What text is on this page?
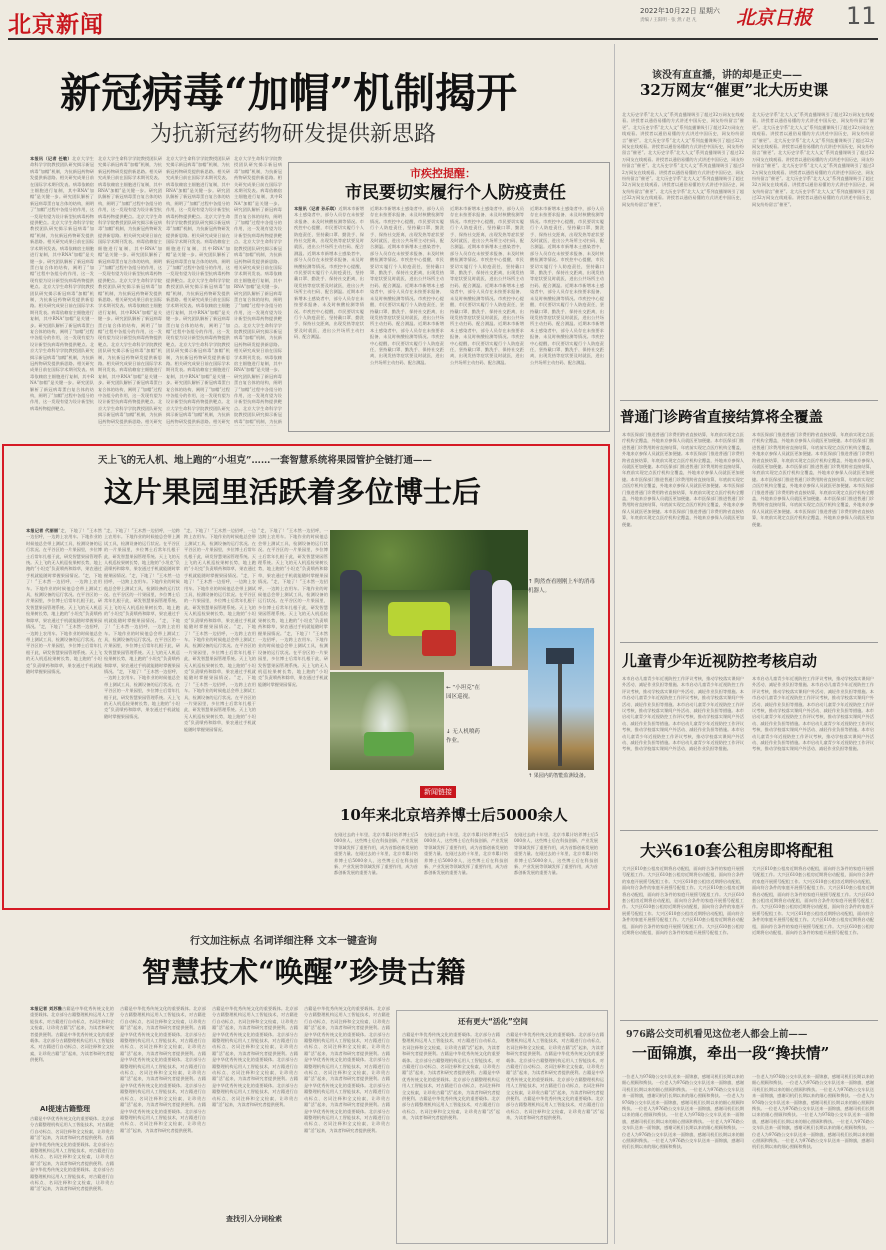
北京新闻
2022年10月22日 星期六
责编 / 王阳明 · 张 然 / 赵 凡 北京日报 11
新冠病毒“加帽”机制揭开
为抗新冠药物研发提供新思路
本报讯（记者 任敏）北京大学生命科学学院教授团队研究揭示新冠病毒“加帽”机制，为抗新冠药物研发提供新思路。相关研究成果日前在国际学术期刊发表。病毒依赖宿主细胞进行复制，其中RNA“加帽”是关键一步。研究团队解析了新冠病毒蛋白复合体的结构，阐明了“加帽”过程中各组分的作用，这一发现有望为设计新型抗病毒药物提供靶点。北京大学生命科学学院教授团队研究揭示新冠病毒“加帽”机制，为抗新冠药物研发提供新思路。相关研究成果日前在国际学术期刊发表。病毒依赖宿主细胞进行复制，其中RNA“加帽”是关键一步。研究团队解析了新冠病毒蛋白复合体的结构，阐明了“加帽”过程中各组分的作用，这一发现有望为设计新型抗病毒药物提供靶点。北京大学生命科学学院教授团队研究揭示新冠病毒“加帽”机制，为抗新冠药物研发提供新思路。相关研究成果日前在国际学术期刊发表。病毒依赖宿主细胞进行复制，其中RNA“加帽”是关键一步。研究团队解析了新冠病毒蛋白复合体的结构，阐明了“加帽”过程中各组分的作用，这一发现有望为设计新型抗病毒药物提供靶点。北京大学生命科学学院教授团队研究揭示新冠病毒“加帽”机制，为抗新冠药物研发提供新思路。相关研究成果日前在国际学术期刊发表。病毒依赖宿主细胞进行复制，其中RNA“加帽”是关键一步。研究团队解析了新冠病毒蛋白复合体的结构，阐明了“加帽”过程中各组分的作用，这一发现有望为设计新型抗病毒药物提供靶点。
北京大学生命科学学院教授团队研究揭示新冠病毒“加帽”机制，为抗新冠药物研发提供新思路。相关研究成果日前在国际学术期刊发表。病毒依赖宿主细胞进行复制，其中RNA“加帽”是关键一步。研究团队解析了新冠病毒蛋白复合体的结构，阐明了“加帽”过程中各组分的作用，这一发现有望为设计新型抗病毒药物提供靶点。北京大学生命科学学院教授团队研究揭示新冠病毒“加帽”机制，为抗新冠药物研发提供新思路。相关研究成果日前在国际学术期刊发表。病毒依赖宿主细胞进行复制，其中RNA“加帽”是关键一步。研究团队解析了新冠病毒蛋白复合体的结构，阐明了“加帽”过程中各组分的作用，这一发现有望为设计新型抗病毒药物提供靶点。北京大学生命科学学院教授团队研究揭示新冠病毒“加帽”机制，为抗新冠药物研发提供新思路。相关研究成果日前在国际学术期刊发表。病毒依赖宿主细胞进行复制，其中RNA“加帽”是关键一步。研究团队解析了新冠病毒蛋白复合体的结构，阐明了“加帽”过程中各组分的作用，这一发现有望为设计新型抗病毒药物提供靶点。北京大学生命科学学院教授团队研究揭示新冠病毒“加帽”机制，为抗新冠药物研发提供新思路。相关研究成果日前在国际学术期刊发表。病毒依赖宿主细胞进行复制，其中RNA“加帽”是关键一步。研究团队解析了新冠病毒蛋白复合体的结构，阐明了“加帽”过程中各组分的作用，这一发现有望为设计新型抗病毒药物提供靶点。北京大学生命科学学院教授团队研究揭示新冠病毒“加帽”机制，为抗新冠药物研发提供新思路。相关研究
北京大学生命科学学院教授团队研究揭示新冠病毒“加帽”机制，为抗新冠药物研发提供新思路。相关研究成果日前在国际学术期刊发表。病毒依赖宿主细胞进行复制，其中RNA“加帽”是关键一步。研究团队解析了新冠病毒蛋白复合体的结构，阐明了“加帽”过程中各组分的作用，这一发现有望为设计新型抗病毒药物提供靶点。北京大学生命科学学院教授团队研究揭示新冠病毒“加帽”机制，为抗新冠药物研发提供新思路。相关研究成果日前在国际学术期刊发表。病毒依赖宿主细胞进行复制，其中RNA“加帽”是关键一步。研究团队解析了新冠病毒蛋白复合体的结构，阐明了“加帽”过程中各组分的作用，这一发现有望为设计新型抗病毒药物提供靶点。北京大学生命科学学院教授团队研究揭示新冠病毒“加帽”机制，为抗新冠药物研发提供新思路。相关研究成果日前在国际学术期刊发表。病毒依赖宿主细胞进行复制，其中RNA“加帽”是关键一步。研究团队解析了新冠病毒蛋白复合体的结构，阐明了“加帽”过程中各组分的作用，这一发现有望为设计新型抗病毒药物提供靶点。北京大学生命科学学院教授团队研究揭示新冠病毒“加帽”机制，为抗新冠药物研发提供新思路。相关研究成果日前在国际学术期刊发表。病毒依赖宿主细胞进行复制，其中RNA“加帽”是关键一步。研究团队解析了新冠病毒蛋白复合体的结构，阐明了“加帽”过程中各组分的作用，这一发现有望为设计新型抗病毒药物提供靶点。北京大学生命科学学院教授团队研究揭示新冠病毒“加帽”机制，为抗新冠药物研发提供新思路。相关研究
北京大学生命科学学院教授团队研究揭示新冠病毒“加帽”机制，为抗新冠药物研发提供新思路。相关研究成果日前在国际学术期刊发表。病毒依赖宿主细胞进行复制，其中RNA“加帽”是关键一步。研究团队解析了新冠病毒蛋白复合体的结构，阐明了“加帽”过程中各组分的作用，这一发现有望为设计新型抗病毒药物提供靶点。北京大学生命科学学院教授团队研究揭示新冠病毒“加帽”机制，为抗新冠药物研发提供新思路。相关研究成果日前在国际学术期刊发表。病毒依赖宿主细胞进行复制，其中RNA“加帽”是关键一步。研究团队解析了新冠病毒蛋白复合体的结构，阐明了“加帽”过程中各组分的作用，这一发现有望为设计新型抗病毒药物提供靶点。北京大学生命科学学院教授团队研究揭示新冠病毒“加帽”机制，为抗新冠药物研发提供新思路。相关研究成果日前在国际学术期刊发表。病毒依赖宿主细胞进行复制，其中RNA“加帽”是关键一步。研究团队解析了新冠病毒蛋白复合体的结构，阐明了“加帽”过程中各组分的作用，这一发现有望为设计新型抗病毒药物提供靶点。北京大学生命科学学院教授团队研究揭示新冠病毒“加帽”机制，为抗新
市疾控提醒：
市民要切实履行个人防疫责任
本报讯（记者 孙乐琪）近期本市新增本土感染者中，部分人员存在未按要求报备、未及时核酸检测等情况。市疾控中心提醒，市民要切实履行个人防疫责任，坚持戴口罩、勤洗手、保持社交距离，出现发热等症状要及时就医，进出公共场所主动扫码、配合测温。近期本市新增本土感染者中，部分人员存在未按要求报备、未及时核酸检测等情况。市疾控中心提醒，市民要切实履行个人防疫责任，坚持戴口罩、勤洗手、保持社交距离，出现发热等症状要及时就医，进出公共场所主动扫码、配合测温。近期本市新增本土感染者中，部分人员存在未按要求报备、未及时核酸检测等情况。市疾控中心提醒，市民要切实履行个人防疫责任，坚持戴口罩、勤洗手、保持社交距离，出现发热等症状要及时就医，进出公共场所主动扫码、配合测温。
近期本市新增本土感染者中，部分人员存在未按要求报备、未及时核酸检测等情况。市疾控中心提醒，市民要切实履行个人防疫责任，坚持戴口罩、勤洗手、保持社交距离，出现发热等症状要及时就医，进出公共场所主动扫码、配合测温。近期本市新增本土感染者中，部分人员存在未按要求报备、未及时核酸检测等情况。市疾控中心提醒，市民要切实履行个人防疫责任，坚持戴口罩、勤洗手、保持社交距离，出现发热等症状要及时就医，进出公共场所主动扫码、配合测温。近期本市新增本土感染者中，部分人员存在未按要求报备、未及时核酸检测等情况。市疾控中心提醒，市民要切实履行个人防疫责任，坚持戴口罩、勤洗手、保持社交距离，出现发热等症状要及时就医，进出公共场所主动扫码、配合测温。近期本市新增本土感染者中，部分人员存在未按要求报备、未及时核酸检测等情况。市疾控中心提醒，市民要切实履行个人防疫责任，坚持戴口罩、勤洗手、保持社交距离，出现发热等症状要及时就医，进出公共场所主动扫码、配合测温。
近期本市新增本土感染者中，部分人员存在未按要求报备、未及时核酸检测等情况。市疾控中心提醒，市民要切实履行个人防疫责任，坚持戴口罩、勤洗手、保持社交距离，出现发热等症状要及时就医，进出公共场所主动扫码、配合测温。近期本市新增本土感染者中，部分人员存在未按要求报备、未及时核酸检测等情况。市疾控中心提醒，市民要切实履行个人防疫责任，坚持戴口罩、勤洗手、保持社交距离，出现发热等症状要及时就医，进出公共场所主动扫码、配合测温。近期本市新增本土感染者中，部分人员存在未按要求报备、未及时核酸检测等情况。市疾控中心提醒，市民要切实履行个人防疫责任，坚持戴口罩、勤洗手、保持社交距离，出现发热等症状要及时就医，进出公共场所主动扫码、配合测温。近期本市新增本土感染者中，部分人员存在未按要求报备、未及时核酸检测等情况。市疾控中心提醒，市民要切实履行个人防疫责任，坚持戴口罩、勤洗手、保持社交距离，出现发热等症状要及时就医，进出公共场所主动扫码、配合测温。
近期本市新增本土感染者中，部分人员存在未按要求报备、未及时核酸检测等情况。市疾控中心提醒，市民要切实履行个人防疫责任，坚持戴口罩、勤洗手、保持社交距离，出现发热等症状要及时就医，进出公共场所主动扫码、配合测温。近期本市新增本土感染者中，部分人员存在未按要求报备、未及时核酸检测等情况。市疾控中心提醒，市民要切实履行个人防疫责任，坚持戴口罩、勤洗手、保持社交距离，出现发热等症状要及时就医，进出公共场所主动扫码、配合测温。近期本市新增本土感染者中，部分人员存在未按要求报备、未及时核酸检测等情况。市疾控中心提醒，市民要切实履行个人防疫责任，坚持戴口罩、勤洗手、保持社交距离，出现发热等症状要及时就医，进出公共场所主动扫码、配合测温。近期本市新增本土感染者中，部分人员存在未按要求报备、未及时核酸检测等情况。市疾控中心提醒，市民要切实履行个人防疫责任，坚持戴口罩、勤洗手、保持社交距离，出现发热等症状要及时就医，进出公共场所主动扫码、配合测温。
该没有直直播，讲的却是正史——
32万网友“催更”北大历史课
北大历史学系“北大人文”系列直播课吸引了超过32万网友在线观看。讲授者以通俗易懂的方式讲述中国历史，网友纷纷留言“催更”。北大历史学系“北大人文”系列直播课吸引了超过32万网友在线观看。讲授者以通俗易懂的方式讲述中国历史，网友纷纷留言“催更”。北大历史学系“北大人文”系列直播课吸引了超过32万网友在线观看。讲授者以通俗易懂的方式讲述中国历史，网友纷纷留言“催更”。北大历史学系“北大人文”系列直播课吸引了超过32万网友在线观看。讲授者以通俗易懂的方式讲述中国历史，网友纷纷留言“催更”。北大历史学系“北大人文”系列直播课吸引了超过32万网友在线观看。讲授者以通俗易懂的方式讲述中国历史，网友纷纷留言“催更”。北大历史学系“北大人文”系列直播课吸引了超过32万网友在线观看。讲授者以通俗易懂的方式讲述中国历史，网友纷纷留言“催更”。北大历史学系“北大人文”系列直播课吸引了超过32万网友在线观看。讲授者以通俗易懂的方式讲述中国历史，网友纷纷留言“催更”。
北大历史学系“北大人文”系列直播课吸引了超过32万网友在线观看。讲授者以通俗易懂的方式讲述中国历史，网友纷纷留言“催更”。北大历史学系“北大人文”系列直播课吸引了超过32万网友在线观看。讲授者以通俗易懂的方式讲述中国历史，网友纷纷留言“催更”。北大历史学系“北大人文”系列直播课吸引了超过32万网友在线观看。讲授者以通俗易懂的方式讲述中国历史，网友纷纷留言“催更”。北大历史学系“北大人文”系列直播课吸引了超过32万网友在线观看。讲授者以通俗易懂的方式讲述中国历史，网友纷纷留言“催更”。北大历史学系“北大人文”系列直播课吸引了超过32万网友在线观看。讲授者以通俗易懂的方式讲述中国历史，网友纷纷留言“催更”。北大历史学系“北大人文”系列直播课吸引了超过32万网友在线观看。讲授者以通俗易懂的方式讲述中国历史，网友纷纷留言“催更”。北大历史学系“北大人文”系列直播课吸引了超过32万网友在线观看。讲授者以通俗易懂的方式讲述中国历史，网友纷纷留言“催更”。
普通门诊跨省直接结算将全覆盖
本市医保部门推进普通门诊费用跨省直接结算，年底前实现定点医疗机构全覆盖，外地来京参保人员就医更加便捷。本市医保部门推进普通门诊费用跨省直接结算，年底前实现定点医疗机构全覆盖，外地来京参保人员就医更加便捷。本市医保部门推进普通门诊费用跨省直接结算，年底前实现定点医疗机构全覆盖，外地来京参保人员就医更加便捷。本市医保部门推进普通门诊费用跨省直接结算，年底前实现定点医疗机构全覆盖，外地来京参保人员就医更加便捷。本市医保部门推进普通门诊费用跨省直接结算，年底前实现定点医疗机构全覆盖，外地来京参保人员就医更加便捷。本市医保部门推进普通门诊费用跨省直接结算，年底前实现定点医疗机构全覆盖，外地来京参保人员就医更加便捷。本市医保部门推进普通门诊费用跨省直接结算，年底前实现定点医疗机构全覆盖，外地来京参保人员就医更加便捷。本市医保部门推进普通门诊费用跨省直接结算，年底前实现定点医疗机构全覆盖，外地来京参保人员就医更加便捷。
本市医保部门推进普通门诊费用跨省直接结算，年底前实现定点医疗机构全覆盖，外地来京参保人员就医更加便捷。本市医保部门推进普通门诊费用跨省直接结算，年底前实现定点医疗机构全覆盖，外地来京参保人员就医更加便捷。本市医保部门推进普通门诊费用跨省直接结算，年底前实现定点医疗机构全覆盖，外地来京参保人员就医更加便捷。本市医保部门推进普通门诊费用跨省直接结算，年底前实现定点医疗机构全覆盖，外地来京参保人员就医更加便捷。本市医保部门推进普通门诊费用跨省直接结算，年底前实现定点医疗机构全覆盖，外地来京参保人员就医更加便捷。本市医保部门推进普通门诊费用跨省直接结算，年底前实现定点医疗机构全覆盖，外地来京参保人员就医更加便捷。本市医保部门推进普通门诊费用跨省直接结算，年底前实现定点医疗机构全覆盖，外地来京参保人员就医更加便捷。本市医保部门推进普通门诊费用跨省直接结算，年底前实现定点医疗机构全覆盖，外地来京参保人员就医更加便捷。
儿童青少年近视防控考核启动
本市启动儿童青少年近视防控工作评议考核，推动学校落实课间户外活动、减轻作业负担等措施。本市启动儿童青少年近视防控工作评议考核，推动学校落实课间户外活动、减轻作业负担等措施。本市启动儿童青少年近视防控工作评议考核，推动学校落实课间户外活动、减轻作业负担等措施。本市启动儿童青少年近视防控工作评议考核，推动学校落实课间户外活动、减轻作业负担等措施。本市启动儿童青少年近视防控工作评议考核，推动学校落实课间户外活动、减轻作业负担等措施。本市启动儿童青少年近视防控工作评议考核，推动学校落实课间户外活动、减轻作业负担等措施。本市启动儿童青少年近视防控工作评议考核，推动学校落实课间户外活动、减轻作业负担等措施。本市启动儿童青少年近视防控工作评议考核，推动学校落实课间户外活动、减轻作业负担等措施。
本市启动儿童青少年近视防控工作评议考核，推动学校落实课间户外活动、减轻作业负担等措施。本市启动儿童青少年近视防控工作评议考核，推动学校落实课间户外活动、减轻作业负担等措施。本市启动儿童青少年近视防控工作评议考核，推动学校落实课间户外活动、减轻作业负担等措施。本市启动儿童青少年近视防控工作评议考核，推动学校落实课间户外活动、减轻作业负担等措施。本市启动儿童青少年近视防控工作评议考核，推动学校落实课间户外活动、减轻作业负担等措施。本市启动儿童青少年近视防控工作评议考核，推动学校落实课间户外活动、减轻作业负担等措施。本市启动儿童青少年近视防控工作评议考核，推动学校落实课间户外活动、减轻作业负担等措施。本市启动儿童青少年近视防控工作评议考核，推动学校落实课间户外活动、减轻作业负担等措施。
大兴610套公租房即将配租
大兴区610套公租房近期将启动配租，面向符合条件的家庭开展摇号配租工作。大兴区610套公租房近期将启动配租，面向符合条件的家庭开展摇号配租工作。大兴区610套公租房近期将启动配租，面向符合条件的家庭开展摇号配租工作。大兴区610套公租房近期将启动配租，面向符合条件的家庭开展摇号配租工作。大兴区610套公租房近期将启动配租，面向符合条件的家庭开展摇号配租工作。大兴区610套公租房近期将启动配租，面向符合条件的家庭开展摇号配租工作。大兴区610套公租房近期将启动配租，面向符合条件的家庭开展摇号配租工作。大兴区610套公租房近期将启动配租，面向符合条件的家庭开展摇号配租工作。大兴区610套公租房近期将启动配租，面向符合条件的家庭开展摇号配租工作。
大兴区610套公租房近期将启动配租，面向符合条件的家庭开展摇号配租工作。大兴区610套公租房近期将启动配租，面向符合条件的家庭开展摇号配租工作。大兴区610套公租房近期将启动配租，面向符合条件的家庭开展摇号配租工作。大兴区610套公租房近期将启动配租，面向符合条件的家庭开展摇号配租工作。大兴区610套公租房近期将启动配租，面向符合条件的家庭开展摇号配租工作。大兴区610套公租房近期将启动配租，面向符合条件的家庭开展摇号配租工作。大兴区610套公租房近期将启动配租，面向符合条件的家庭开展摇号配租工作。大兴区610套公租房近期将启动配租，面向符合条件的家庭开展摇号配租工作。大兴区610套公租房近期将启动配租，面向符合条件的家庭开展摇号配租工作。
976路公交司机看见这位老人都会上前——
一面锦旗，牵出一段“搀扶情”
一位老人为976路公交车队送来一面锦旗，感谢司机们长期以来的细心照顾和搀扶。一位老人为976路公交车队送来一面锦旗，感谢司机们长期以来的细心照顾和搀扶。一位老人为976路公交车队送来一面锦旗，感谢司机们长期以来的细心照顾和搀扶。一位老人为976路公交车队送来一面锦旗，感谢司机们长期以来的细心照顾和搀扶。一位老人为976路公交车队送来一面锦旗，感谢司机们长期以来的细心照顾和搀扶。一位老人为976路公交车队送来一面锦旗，感谢司机们长期以来的细心照顾和搀扶。一位老人为976路公交车队送来一面锦旗，感谢司机们长期以来的细心照顾和搀扶。一位老人为976路公交车队送来一面锦旗，感谢司机们长期以来的细心照顾和搀扶。一位老人为976路公交车队送来一面锦旗，感谢司机们长期以来的细心照顾和搀扶。
一位老人为976路公交车队送来一面锦旗，感谢司机们长期以来的细心照顾和搀扶。一位老人为976路公交车队送来一面锦旗，感谢司机们长期以来的细心照顾和搀扶。一位老人为976路公交车队送来一面锦旗，感谢司机们长期以来的细心照顾和搀扶。一位老人为976路公交车队送来一面锦旗，感谢司机们长期以来的细心照顾和搀扶。一位老人为976路公交车队送来一面锦旗，感谢司机们长期以来的细心照顾和搀扶。一位老人为976路公交车队送来一面锦旗，感谢司机们长期以来的细心照顾和搀扶。一位老人为976路公交车队送来一面锦旗，感谢司机们长期以来的细心照顾和搀扶。一位老人为976路公交车队送来一面锦旗，感谢司机们长期以来的细心照顾和搀扶。一位老人为976路公交车队送来一面锦旗，感谢司机们长期以来的细心照顾和搀扶。
天上飞的无人机、地上跑的“小坦克”……一套智慧系统将果园管护全链打通——
这片果园里活跃着多位博士后
本报记者 代丽丽“走，下地了！”王木然一边招呼，一边跨上农用车。下地作业的时候他总会带上测试工具，检测设备的运行状况。在平谷区的一片果园里，多位博士后常年扎根于此，研发智慧果园管理系统。天上飞的无人机巡检果树长势，地上跑的“小坦克”负责喷药和除草，果农通过手机就能随时掌握果园情况。“走，下地了！”王木然一边招呼，一边跨上农用车。下地作业的时候他总会带上测试工具，检测设备的运行状况。在平谷区的一片果园里，多位博士后常年扎根于此，研发智慧果园管理系统。天上飞的无人机巡检果树长势，地上跑的“小坦克”负责喷药和除草，果农通过手机就能随时掌握果园情况。“走，下地了！”王木然一边招呼，一边跨上农用车。下地作业的时候他总会带上测试工具，检测设备的运行状况。在平谷区的一片果园里，多位博士后常年扎根于此，研发智慧果园管理系统。天上飞的无人机巡检果树长势，地上跑的“小坦克”负责喷药和除草，果农通过手机就能随时掌握果园情况。
“走，下地了！”王木然一边招呼，一边跨上农用车。下地作业的时候他总会带上测试工具，检测设备的运行状况。在平谷区的一片果园里，多位博士后常年扎根于此，研发智慧果园管理系统。天上飞的无人机巡检果树长势，地上跑的“小坦克”负责喷药和除草，果农通过手机就能随时掌握果园情况。“走，下地了！”王木然一边招呼，一边跨上农用车。下地作业的时候他总会带上测试工具，检测设备的运行状况。在平谷区的一片果园里，多位博士后常年扎根于此，研发智慧果园管理系统。天上飞的无人机巡检果树长势，地上跑的“小坦克”负责喷药和除草，果农通过手机就能随时掌握果园情况。“走，下地了！”王木然一边招呼，一边跨上农用车。下地作业的时候他总会带上测试工具，检测设备的运行状况。在平谷区的一片果园里，多位博士后常年扎根于此，研发智慧果园管理系统。天上飞的无人机巡检果树长势，地上跑的“小坦克”负责喷药和除草，果农通过手机就能随时掌握果园情况。“走，下地了！”王木然一边招呼，一边跨上农用车。下地作业的时候他总会带上测试工具，检测设备的运行状况。在平谷区的一片果园里，多位博士后常年扎根于此，研发智慧果园管理系统。天上飞的无人机巡检果树长势，地上跑的“小坦克”负责喷药和除草，果农通过手机就能随时掌握果园情况。
“走，下地了！”王木然一边招呼，一边跨上农用车。下地作业的时候他总会带上测试工具，检测设备的运行状况。在平谷区的一片果园里，多位博士后常年扎根于此，研发智慧果园管理系统。天上飞的无人机巡检果树长势，地上跑的“小坦克”负责喷药和除草，果农通过手机就能随时掌握果园情况。“走，下地了！”王木然一边招呼，一边跨上农用车。下地作业的时候他总会带上测试工具，检测设备的运行状况。在平谷区的一片果园里，多位博士后常年扎根于此，研发智慧果园管理系统。天上飞的无人机巡检果树长势，地上跑的“小坦克”负责喷药和除草，果农通过手机就能随时掌握果园情况。“走，下地了！”王木然一边招呼，一边跨上农用车。下地作业的时候他总会带上测试工具，检测设备的运行状况。在平谷区的一片果园里，多位博士后常年扎根于此，研发智慧果园管理系统。天上飞的无人机巡检果树长势，地上跑的“小坦克”负责喷药和除草，果农通过手机就能随时掌握果园情况。“走，下地了！”王木然一边招呼，一边跨上农用车。下地作业的时候他总会带上测试工具，检测设备的运行状况。在平谷区的一片果园里，多位博士后常年扎根于此，研发智慧果园管理系统。天上飞的无人机巡检果树长势，地上跑的“小坦克”负责喷药和除草，果农通过手机就能随时掌握果园情况。
“走，下地了！”王木然一边招呼，一边跨上农用车。下地作业的时候他总会带上测试工具，检测设备的运行状况。在平谷区的一片果园里，多位博士后常年扎根于此，研发智慧果园管理系统。天上飞的无人机巡检果树长势，地上跑的“小坦克”负责喷药和除草，果农通过手机就能随时掌握果园情况。“走，下地了！”王木然一边招呼，一边跨上农用车。下地作业的时候他总会带上测试工具，检测设备的运行状况。在平谷区的一片果园里，多位博士后常年扎根于此，研发智慧果园管理系统。天上飞的无人机巡检果树长势，地上跑的“小坦克”负责喷药和除草，果农通过手机就能随时掌握果园情况。“走，下地了！”王木然一边招呼，一边跨上农用车。下地作业的时候他总会带上测试工具，检测设备的运行状况。在平谷区的一片果园里，多位博士后常年扎根于此，研发智慧果园管理系统。天上飞的无人机巡检果树长势，地上跑的“小坦克”负责喷药和除草，果农通过手机就能随时掌握果园情况。
↑ 陶然查看刚刚上车的消毒机器人。
← “小坦克”在园区巡视。
↓ 无人机喷药作业。
↑ 果园内的智能监测设备。
新闻链接
10年来北京培养博士后5000余人
在刚过去的十年里，北京市累计培养博士后5000余人，这些博士后在科技创新、产业发展等领域发挥了重要作用，成为首都创新发展的重要力量。在刚过去的十年里，北京市累计培养博士后5000余人，这些博士后在科技创新、产业发展等领域发挥了重要作用，成为首都创新发展的重要力量。
在刚过去的十年里，北京市累计培养博士后5000余人，这些博士后在科技创新、产业发展等领域发挥了重要作用，成为首都创新发展的重要力量。在刚过去的十年里，北京市累计培养博士后5000余人，这些博士后在科技创新、产业发展等领域发挥了重要作用，成为首都创新发展的重要力量。
在刚过去的十年里，北京市累计培养博士后5000余人，这些博士后在科技创新、产业发展等领域发挥了重要作用，成为首都创新发展的重要力量。在刚过去的十年里，北京市累计培养博士后5000余人，这些博士后在科技创新、产业发展等领域发挥了重要作用，成为首都创新发展的重要力量。
行文加注标点 名词详细注释 文本一键查询
智慧技术“唤醒”珍贵古籍
本报记者 刘苏雅古籍是中华优秀传统文化的重要载体。北京部分古籍整理机构运用人工智能技术，对古籍进行自动标点、名词注释和全文检索，让珍贵古籍“活”起来，为读者和研究者提供便利。古籍是中华优秀传统文化的重要载体。北京部分古籍整理机构运用人工智能技术，对古籍进行自动标点、名词注释和全文检索，让珍贵古籍“活”起来，为读者和研究者提供便利。
AI提速古籍整理
古籍是中华优秀传统文化的重要载体。北京部分古籍整理机构运用人工智能技术，对古籍进行自动标点、名词注释和全文检索，让珍贵古籍“活”起来，为读者和研究者提供便利。古籍是中华优秀传统文化的重要载体。北京部分古籍整理机构运用人工智能技术，对古籍进行自动标点、名词注释和全文检索，让珍贵古籍“活”起来，为读者和研究者提供便利。古籍是中华优秀传统文化的重要载体。北京部分古籍整理机构运用人工智能技术，对古籍进行自动标点、名词注释和全文检索，让珍贵古籍“活”起来，为读者和研究者提供便利。
古籍是中华优秀传统文化的重要载体。北京部分古籍整理机构运用人工智能技术，对古籍进行自动标点、名词注释和全文检索，让珍贵古籍“活”起来，为读者和研究者提供便利。古籍是中华优秀传统文化的重要载体。北京部分古籍整理机构运用人工智能技术，对古籍进行自动标点、名词注释和全文检索，让珍贵古籍“活”起来，为读者和研究者提供便利。古籍是中华优秀传统文化的重要载体。北京部分古籍整理机构运用人工智能技术，对古籍进行自动标点、名词注释和全文检索，让珍贵古籍“活”起来，为读者和研究者提供便利。古籍是中华优秀传统文化的重要载体。北京部分古籍整理机构运用人工智能技术，对古籍进行自动标点、名词注释和全文检索，让珍贵古籍“活”起来，为读者和研究者提供便利。古籍是中华优秀传统文化的重要载体。北京部分古籍整理机构运用人工智能技术，对古籍进行自动标点、名词注释和全文检索，让珍贵古籍“活”起来，为读者和研究者提供便利。
古籍是中华优秀传统文化的重要载体。北京部分古籍整理机构运用人工智能技术，对古籍进行自动标点、名词注释和全文检索，让珍贵古籍“活”起来，为读者和研究者提供便利。古籍是中华优秀传统文化的重要载体。北京部分古籍整理机构运用人工智能技术，对古籍进行自动标点、名词注释和全文检索，让珍贵古籍“活”起来，为读者和研究者提供便利。古籍是中华优秀传统文化的重要载体。北京部分古籍整理机构运用人工智能技术，对古籍进行自动标点、名词注释和全文检索，让珍贵古籍“活”起来，为读者和研究者提供便利。古籍是中华优秀传统文化的重要载体。北京部分古籍整理机构运用人工智能技术，对古籍进行自动标点、名词注释和全文检索，让珍贵古籍“活”起来，为读者和研究者提供便利。
查找引入分词检索
古籍是中华优秀传统文化的重要载体。北京部分古籍整理机构运用人工智能技术，对古籍进行自动标点、名词注释和全文检索，让珍贵古籍“活”起来，为读者和研究者提供便利。古籍是中华优秀传统文化的重要载体。北京部分古籍整理机构运用人工智能技术，对古籍进行自动标点、名词注释和全文检索，让珍贵古籍“活”起来，为读者和研究者提供便利。古籍是中华优秀传统文化的重要载体。北京部分古籍整理机构运用人工智能技术，对古籍进行自动标点、名词注释和全文检索，让珍贵古籍“活”起来，为读者和研究者提供便利。古籍是中华优秀传统文化的重要载体。北京部分古籍整理机构运用人工智能技术，对古籍进行自动标点、名词注释和全文检索，让珍贵古籍“活”起来，为读者和研究者提供便利。古籍是中华优秀传统文化的重要载体。北京部分古籍整理机构运用人工智能技术，对古籍进行自动标点、名词注释和全文检索，让珍贵古籍“活”起来，为读者和研究者提供便利。
还有更大“活化”空间
古籍是中华优秀传统文化的重要载体。北京部分古籍整理机构运用人工智能技术，对古籍进行自动标点、名词注释和全文检索，让珍贵古籍“活”起来，为读者和研究者提供便利。古籍是中华优秀传统文化的重要载体。北京部分古籍整理机构运用人工智能技术，对古籍进行自动标点、名词注释和全文检索，让珍贵古籍“活”起来，为读者和研究者提供便利。古籍是中华优秀传统文化的重要载体。北京部分古籍整理机构运用人工智能技术，对古籍进行自动标点、名词注释和全文检索，让珍贵古籍“活”起来，为读者和研究者提供便利。古籍是中华优秀传统文化的重要载体。北京部分古籍整理机构运用人工智能技术，对古籍进行自动标点、名词注释和全文检索，让珍贵古籍“活”起来，为读者和研究者提供便利。
古籍是中华优秀传统文化的重要载体。北京部分古籍整理机构运用人工智能技术，对古籍进行自动标点、名词注释和全文检索，让珍贵古籍“活”起来，为读者和研究者提供便利。古籍是中华优秀传统文化的重要载体。北京部分古籍整理机构运用人工智能技术，对古籍进行自动标点、名词注释和全文检索，让珍贵古籍“活”起来，为读者和研究者提供便利。古籍是中华优秀传统文化的重要载体。北京部分古籍整理机构运用人工智能技术，对古籍进行自动标点、名词注释和全文检索，让珍贵古籍“活”起来，为读者和研究者提供便利。古籍是中华优秀传统文化的重要载体。北京部分古籍整理机构运用人工智能技术，对古籍进行自动标点、名词注释和全文检索，让珍贵古籍“活”起来，为读者和研究者提供便利。
